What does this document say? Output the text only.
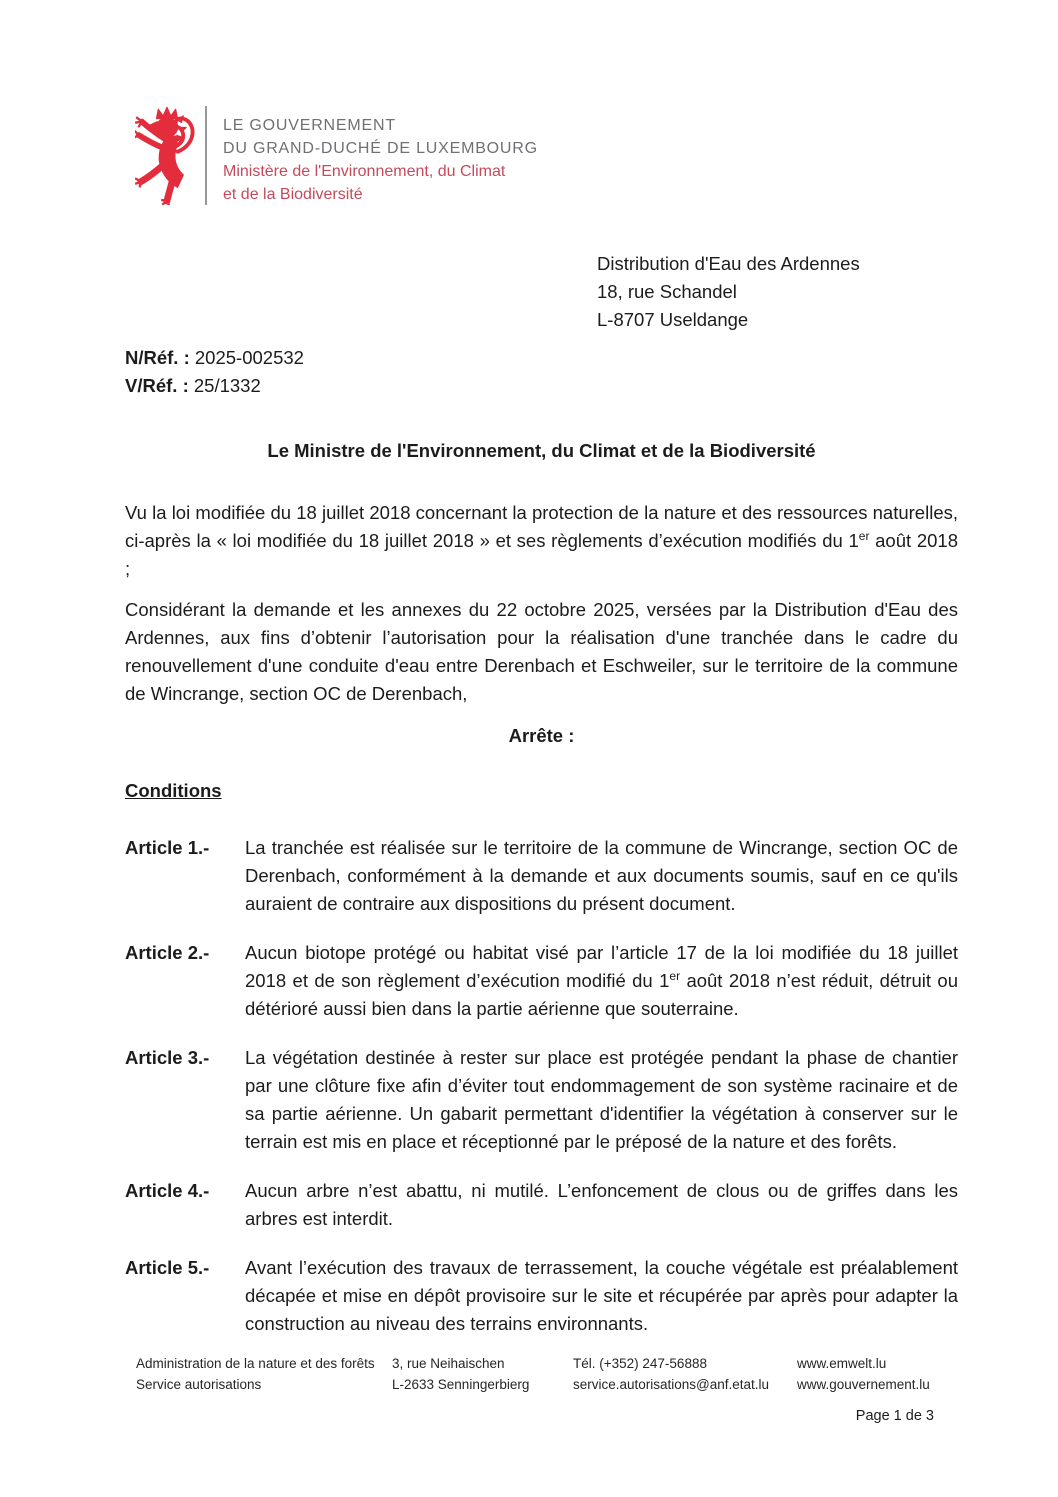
LE GOUVERNEMENT
DU GRAND-DUCHÉ DE LUXEMBOURG
Ministère de l'Environnement, du Climat
et de la Biodiversité
Distribution d'Eau des Ardennes
18, rue Schandel
L-8707 Useldange
N/Réf. : 2025-002532
V/Réf. : 25/1332
Le Ministre de l'Environnement, du Climat et de la Biodiversité

Vu la loi modifiée du 18 juillet 2018 concernant la protection de la nature et des ressources naturelles, ci-après la « loi modifiée du 18 juillet 2018 » et ses règlements d’exécution modifiés du 1er août 2018 ;

Considérant la demande et les annexes du 22 octobre 2025, versées par la Distribution d'Eau des Ardennes, aux fins d’obtenir l’autorisation pour la réalisation d'une tranchée dans le cadre du renouvellement d'une conduite d'eau entre Derenbach et Eschweiler, sur le territoire de la commune de Wincrange, section OC de Derenbach,

Arrête :
Conditions
Article 1.-	La tranchée est réalisée sur le territoire de la commune de Wincrange, section OC de Derenbach, conformément à la demande et aux documents soumis, sauf en ce qu'ils auraient de contraire aux dispositions du présent document.
Article 2.-	Aucun biotope protégé ou habitat visé par l’article 17 de la loi modifiée du 18 juillet 2018 et de son règlement d’exécution modifié du 1er août 2018 n’est réduit, détruit ou détérioré aussi bien dans la partie aérienne que souterraine.
Article 3.-	La végétation destinée à rester sur place est protégée pendant la phase de chantier par une clôture fixe afin d’éviter tout endommagement de son système racinaire et de sa partie aérienne. Un gabarit permettant d'identifier la végétation à conserver sur le terrain est mis en place et réceptionné par le préposé de la nature et des forêts.
Article 4.-	Aucun arbre n’est abattu, ni mutilé. L’enfoncement de clous ou de griffes dans les arbres est interdit.
Article 5.-	Avant l’exécution des travaux de terrassement, la couche végétale est préalablement décapée et mise en dépôt provisoire sur le site et récupérée par après pour adapter la construction au niveau des terrains environnants.
Administration de la nature et des forêts
Service autorisations
3, rue Neihaischen
L-2633 Senningerbierg
Tél. (+352) 247-56888
service.autorisations@anf.etat.lu
www.emwelt.lu
www.gouvernement.lu
Page 1 de 3
